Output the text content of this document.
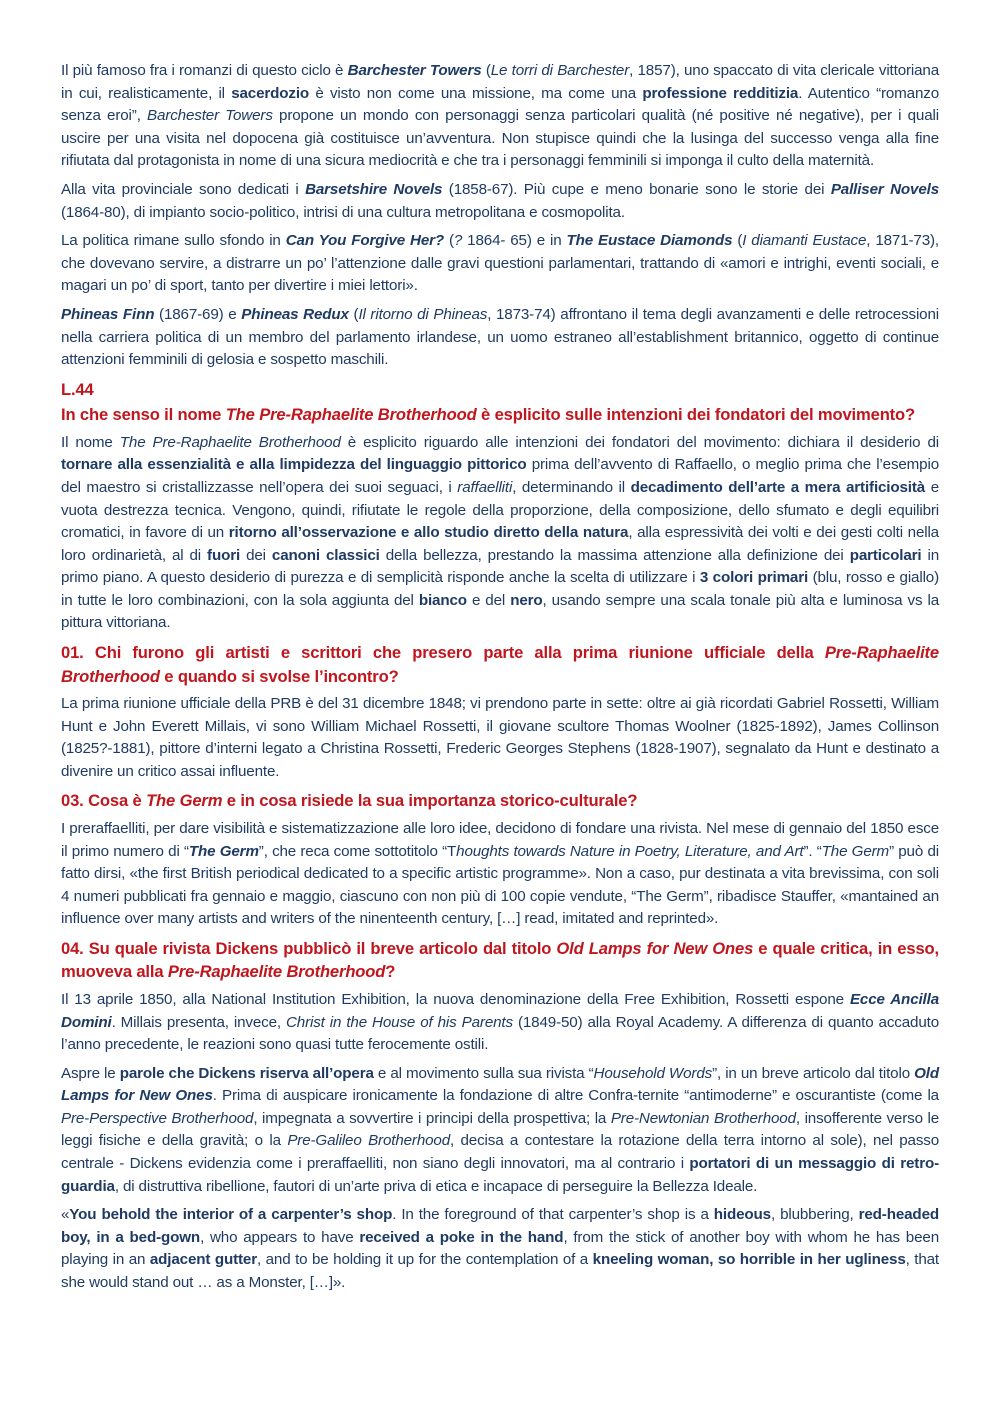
Il più famoso fra i romanzi di questo ciclo è Barchester Towers (Le torri di Barchester, 1857), uno spaccato di vita clericale vittoriana in cui, realisticamente, il sacerdozio è visto non come una missione, ma come una professione redditizia. Autentico “romanzo senza eroi”, Barchester Towers propone un mondo con personaggi senza particolari qualità (né positive né negative), per i quali uscire per una visita nel dopocena già costituisce un’avventura. Non stupisce quindi che la lusinga del successo venga alla fine rifiutata dal protagonista in nome di una sicura mediocrità e che tra i personaggi femminili si imponga il culto della maternità.

Alla vita provinciale sono dedicati i Barsetshire Novels (1858-67). Più cupe e meno bonarie sono le storie dei Palliser Novels (1864-80), di impianto socio-politico, intrisi di una cultura metropolitana e cosmopolita.

La politica rimane sullo sfondo in Can You Forgive Her? (? 1864- 65) e in The Eustace Diamonds (I diamanti Eustace, 1871-73), che dovevano servire, a distrarre un po’ l’attenzione dalle gravi questioni parlamentari, trattando di «amori e intrighi, eventi sociali, e magari un po’ di sport, tanto per divertire i miei lettori».

Phineas Finn (1867-69) e Phineas Redux (Il ritorno di Phineas, 1873-74) affrontano il tema degli avanzamenti e delle retrocessioni nella carriera politica di un membro del parlamento irlandese, un uomo estraneo all’establishment britannico, oggetto di continue attenzioni femminili di gelosia e sospetto maschili.

L.44
In che senso il nome The Pre-Raphaelite Brotherhood è esplicito sulle intenzioni dei fondatori del movimento?

Il nome The Pre-Raphaelite Brotherhood è esplicito riguardo alle intenzioni dei fondatori del movimento: dichiara il desiderio di tornare alla essenzialità e alla limpidezza del linguaggio pittorico prima dell’avvento di Raffaello, o meglio prima che l’esempio del maestro si cristallizzasse nell’opera dei suoi seguaci, i raffaelliti, determinando il decadimento dell’arte a mera artificiosità e vuota destrezza tecnica. Vengono, quindi, rifiutate le regole della proporzione, della composizione, dello sfumato e degli equilibri cromatici, in favore di un ritorno all’osservazione e allo studio diretto della natura, alla espressività dei volti e dei gesti colti nella loro ordinarietà, al di fuori dei canoni classici della bellezza, prestando la massima attenzione alla definizione dei particolari in primo piano. A questo desiderio di purezza e di semplicità risponde anche la scelta di utilizzare i 3 colori primari (blu, rosso e giallo) in tutte le loro combinazioni, con la sola aggiunta del bianco e del nero, usando sempre una scala tonale più alta e luminosa vs la pittura vittoriana.

01. Chi furono gli artisti e scrittori che presero parte alla prima riunione ufficiale della Pre-Raphaelite Brotherhood e quando si svolse l’incontro?

La prima riunione ufficiale della PRB è del 31 dicembre 1848; vi prendono parte in sette: oltre ai già ricordati Gabriel Rossetti, William Hunt e John Everett Millais, vi sono William Michael Rossetti, il giovane scultore Thomas Woolner (1825-1892), James Collinson (1825?-1881), pittore d’interni legato a Christina Rossetti, Frederic Georges Stephens (1828-1907), segnalato da Hunt e destinato a divenire un critico assai influente.

03. Cosa è The Germ e in cosa risiede la sua importanza storico-culturale?

I preraffaelliti, per dare visibilità e sistematizzazione alle loro idee, decidono di fondare una rivista. Nel mese di gennaio del 1850 esce il primo numero di “The Germ”, che reca come sottotitolo “Thoughts towards Nature in Poetry, Literature, and Art”. “The Germ” può di fatto dirsi, «the first British periodical dedicated to a specific artistic programme». Non a caso, pur destinata a vita brevissima, con soli 4 numeri pubblicati fra gennaio e maggio, ciascuno con non più di 100 copie vendute, “The Germ”, ribadisce Stauffer, «mantained an influence over many artists and writers of the ninenteenth century, […] read, imitated and reprinted».

04. Su quale rivista Dickens pubblicò il breve articolo dal titolo Old Lamps for New Ones e quale critica, in esso, muoveva alla Pre-Raphaelite Brotherhood?

Il 13 aprile 1850, alla National Institution Exhibition, la nuova denominazione della Free Exhibition, Rossetti espone Ecce Ancilla Domini. Millais presenta, invece, Christ in the House of his Parents (1849-50) alla Royal Academy. A differenza di quanto accaduto l’anno precedente, le reazioni sono quasi tutte ferocemente ostili.

Aspre le parole che Dickens riserva all’opera e al movimento sulla sua rivista “Household Words”, in un breve articolo dal titolo Old Lamps for New Ones. Prima di auspicare ironicamente la fondazione di altre Confra-ternite “antimoderne” e oscurantiste (come la Pre-Perspective Brotherhood, impegnata a sovvertire i principi della prospettiva; la Pre-Newtonian Brotherhood, insofferente verso le leggi fisiche e della gravità; o la Pre-Galileo Brotherhood, decisa a contestare la rotazione della terra intorno al sole), nel passo centrale - Dickens evidenzia come i preraffaelliti, non siano degli innovatori, ma al contrario i portatori di un messaggio di retro-guardia, di distruttiva ribellione, fautori di un’arte priva di etica e incapace di perseguire la Bellezza Ideale.

«You behold the interior of a carpenter’s shop. In the foreground of that carpenter’s shop is a hideous, blubbering, red-headed boy, in a bed-gown, who appears to have received a poke in the hand, from the stick of another boy with whom he has been playing in an adjacent gutter, and to be holding it up for the contemplation of a kneeling woman, so horrible in her ugliness, that she would stand out … as a Monster, […]».
